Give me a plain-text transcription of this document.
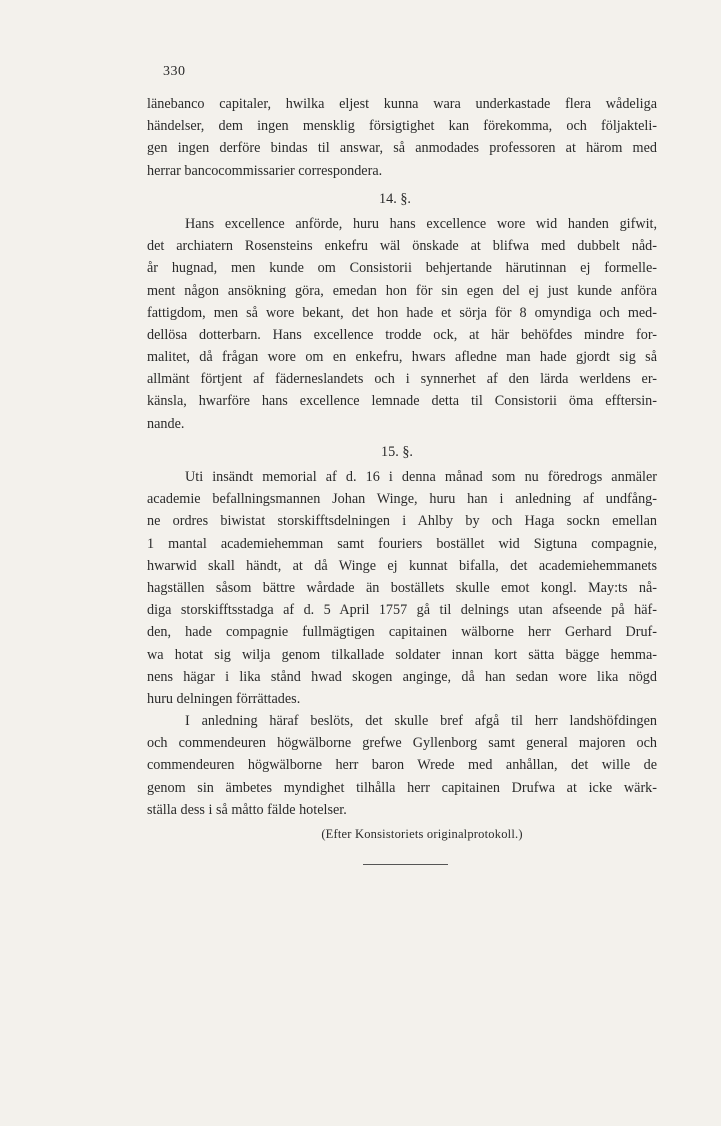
330
länebanco capitaler, hwilka eljest kunna wara underkastade flera wådeliga
händelser, dem ingen mensklig försigtighet kan förekomma, och följakteli-
gen ingen derföre bindas til answar, så anmodades professoren at härom med
herrar bancocommissarier correspondera.
14. §.
Hans excellence anförde, huru hans excellence wore wid handen gifwit,
det archiatern Rosensteins enkefru wäl önskade at blifwa med dubbelt nåd-
år hugnad, men kunde om Consistorii behjertande härutinnan ej formelle-
ment någon ansökning göra, emedan hon för sin egen del ej just kunde anföra
fattigdom, men så wore bekant, det hon hade et sörja för 8 omyndiga och med-
dellösa dotterbarn. Hans excellence trodde ock, at här behöfdes mindre for-
malitet, då frågan wore om en enkefru, hwars afledne man hade gjordt sig så
allmänt förtjent af fäderneslandets och i synnerhet af den lärda werldens er-
känsla, hwarföre hans excellence lemnade detta til Consistorii öma efftersin-
nande.
15. §.
Uti insändt memorial af d. 16 i denna månad som nu föredrogs anmäler
academie befallningsmannen Johan Winge, huru han i anledning af undfång-
ne ordres biwistat storskifftsdelningen i Ahlby by och Haga sockn emellan
1 mantal academiehemman samt fouriers bostället wid Sigtuna compagnie,
hwarwid skall händt, at då Winge ej kunnat bifalla, det academiehemmanets
hagställen såsom bättre wårdade än boställets skulle emot kongl. May:ts nå-
diga storskifftsstadga af d. 5 April 1757 gå til delnings utan afseende på häf-
den, hade compagnie fullmägtigen capitainen wälborne herr Gerhard Druf-
wa hotat sig wilja genom tilkallade soldater innan kort sätta bägge hemma-
nens hägar i lika stånd hwad skogen anginge, då han sedan wore lika nögd
huru delningen förrättades.
I anledning häraf beslöts, det skulle bref afgå til herr landshöfdingen
och commendeuren högwälborne grefwe Gyllenborg samt general majoren och
commendeuren högwälborne herr baron Wrede med anhållan, det wille de
genom sin ämbetes myndighet tilhålla herr capitainen Drufwa at icke wärk-
ställa dess i så måtto fälde hotelser.
(Efter Konsistoriets originalprotokoll.)
